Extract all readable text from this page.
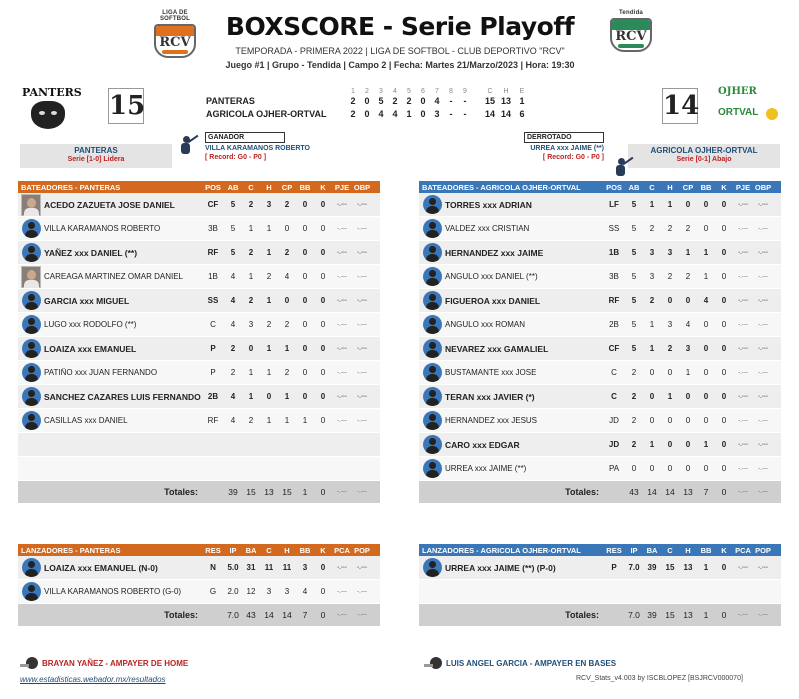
LIGA DE SOFTBOL
RCV
Tendida
RCV
BOXSCORE - Serie Playoff
TEMPORADA - PRIMERA 2022 | LIGA DE SOFTBOL - CLUB DEPORTIVO "RCV"
Juego #1 | Grupo - Tendida | Campo 2 | Fecha: Martes 21/Marzo/2023 | Hora: 19:30
PANTERS 15	14 OJHER
ORTVAL
1 2 3 4 5 6 7 8 9	C H E
PANTERAS	2 0 5 2 2 0 4 - - 15 13 1
AGRICOLA OJHER-ORTVAL	2 0 4 4 1 0 3 - - 14 14 6
PANTERAS
Serie [1-0] Lidera
AGRICOLA OJHER-ORTVAL
Serie [0-1] Abajo
GANADOR
VILLA KARAMANOS ROBERTO
[ Record: G0 - P0 ]
DERROTADO
URREA xxx JAIME (**)
[ Record: G0 - P0 ]
BATEADORES - PANTERAS	POS AB	C	H	CP BB	K	PJE OBP
ACEDO ZAZUETA JOSE DANIEL	CF	5	2	3	2	0	0	-.---	-.---
VILLA KARAMANOS ROBERTO	3B	5	1	1	0	0	0	-.---	-.---
YAÑEZ xxx DANIEL (**)	RF	5	2	1	2	0	0	-.---	-.---
CAREAGA MARTINEZ OMAR DANIEL	1B	4	1	2	4	0	0	-.---	-.---
GARCIA xxx MIGUEL	SS	4	2	1	0	0	0	-.---	-.---
LUGO xxx RODOLFO (**)	C	4	3	2	2	0	0	-.---	-.---
LOAIZA xxx EMANUEL	P	2	0	1	1	0	0	-.---	-.---
PATIÑO xxx JUAN FERNANDO	P	2	1	1	2	0	0	-.---	-.---
SANCHEZ CAZARES LUIS FERNANDO 2B	4	1	0	1	0	0	-.---	-.---
CASILLAS xxx DANIEL	RF	4	2	1	1	1	0	-.---	-.---
Totales:	39	15	13	15	1	0	-.---	-.---
BATEADORES - AGRICOLA OJHER-ORTVAL	POS AB	C	H	CP BB	K	PJE OBP
TORRES xxx ADRIAN	LF	5	1	1	0	0	0	-.---	-.---
VALDEZ xxx CRISTIAN	SS	5	2	2	2	0	0	-.---	-.---
HERNANDEZ xxx JAIME	1B	5	3	3	1	1	0	-.---	-.---
ANGULO xxx DANIEL (**)	3B	5	3	2	2	1	0	-.---	-.---
FIGUEROA xxx DANIEL	RF	5	2	0	0	4	0	-.---	-.---
ANGULO xxx ROMAN	2B	5	1	3	4	0	0	-.---	-.---
NEVAREZ xxx GAMALIEL	CF	5	1	2	3	0	0	-.---	-.---
BUSTAMANTE xxx JOSE	C	2	0	0	1	0	0	-.---	-.---
TERAN xxx JAVIER (*)	C	2	0	1	0	0	0	-.---	-.---
HERNANDEZ xxx JESUS	JD	2	0	0	0	0	0	-.---	-.---
CARO xxx EDGAR	JD	2	1	0	0	1	0	-.---	-.---
URREA xxx JAIME (**)	PA	0	0	0	0	0	0	-.---	-.---
Totales:	43	14	14	13	7	0	-.---	-.---
LANZADORES - PANTERAS	RES	IP	BA	C	H	BB	K	PCA POP
LOAIZA xxx EMANUEL (N-0)	N	5.0 31	11	11	3	0	-.---	-.---
VILLA KARAMANOS ROBERTO (G-0)	G	2.0 12	3	3	4	0	-.---	-.---
Totales:	7.0 43	14	14	7	0	-.---	-.---
LANZADORES - AGRICOLA OJHER-ORTVAL	RES	IP	BA	C	H	BB	K	PCA POP
URREA xxx JAIME (**) (P-0)	P	7.0 39	15	13	1	0	-.---	-.---
Totales:	7.0 39	15	13	1	0	-.---	-.---
BRAYAN YAÑEZ - AMPAYER DE HOME	LUIS ANGEL GARCIA - AMPAYER EN BASES
www.estadisticas.webador.mx/resultados	RCV_Stats_v4.003 by ISCBLOPEZ [BSJRCV000070]
